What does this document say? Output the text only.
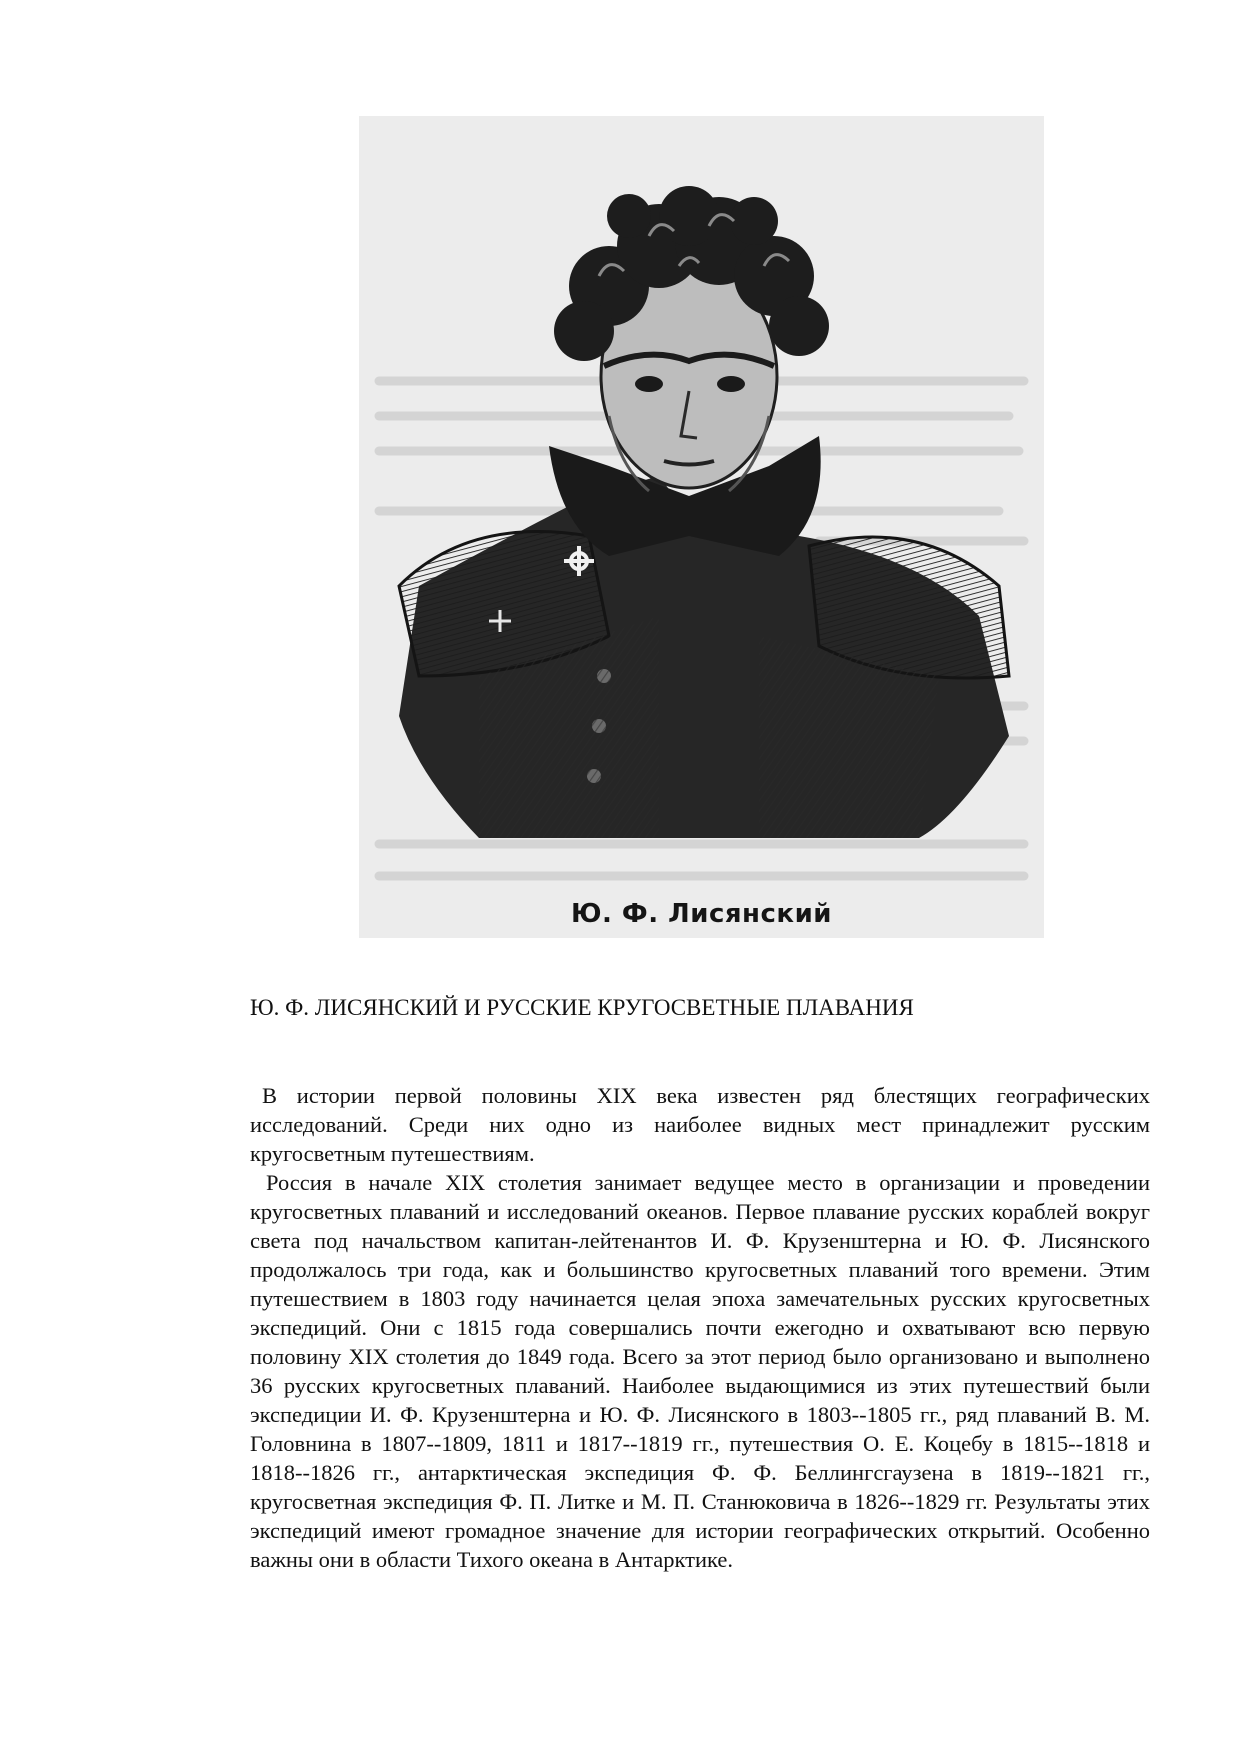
Ю. Ф. Лисянский
Ю. Ф. ЛИСЯНСКИЙ И РУССКИЕ КРУГОСВЕТНЫЕ ПЛАВАНИЯ

В истории первой половины XIX века известен ряд блестящих географических исследований. Среди них одно из наиболее видных мест принадлежит русским кругосветным путешествиям.

Россия в начале XIX столетия занимает ведущее место в организации и проведении кругосветных плаваний и исследований океанов. Первое плавание русских кораблей вокруг света под начальством капитан-лейтенантов И. Ф. Крузенштерна и Ю. Ф. Лисянского продолжалось три года, как и большинство кругосветных плаваний того времени. Этим путешествием в 1803 году начинается целая эпоха замечательных русских кругосветных экспедиций. Они с 1815 года совершались почти ежегодно и охватывают всю первую половину XIX столетия до 1849 года. Всего за этот период было организовано и выполнено 36 русских кругосветных плаваний. Наиболее выдающимися из этих путешествий были экспедиции И. Ф. Крузенштерна и Ю. Ф. Лисянского в 1803--1805 гг., ряд плаваний В. М. Головнина в 1807--1809, 1811 и 1817--1819 гг., путешествия О. Е. Коцебу в 1815--1818 и 1818--1826 гг., антарктическая экспедиция Ф. Ф. Беллингсгаузена в 1819--1821 гг., кругосветная экспедиция Ф. П. Литке и М. П. Станюковича в 1826--1829 гг. Результаты этих экспедиций имеют громадное значение для истории географических открытий. Особенно важны они в области Тихого океана в Антарктике.
